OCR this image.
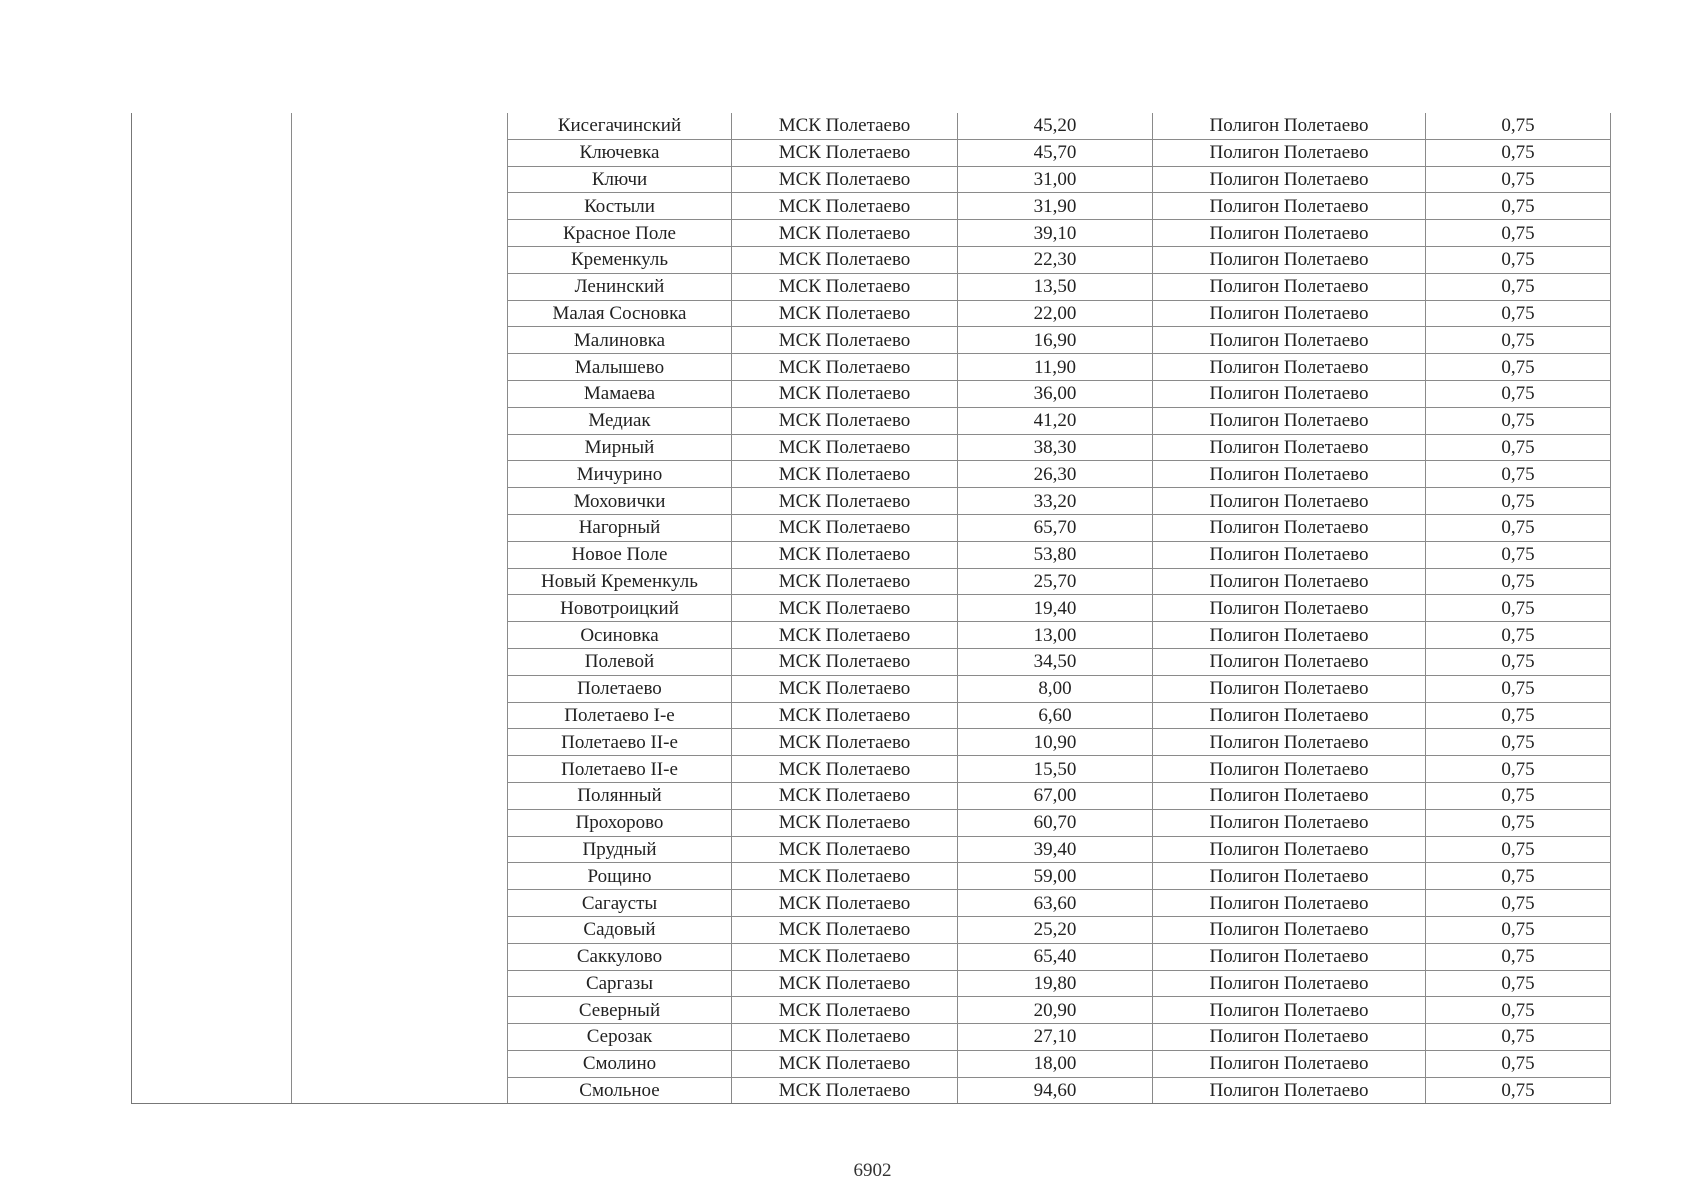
		Кисегачинский	МСК Полетаево	45,20	Полигон Полетаево	0,75
		Ключевка	МСК Полетаево	45,70	Полигон Полетаево	0,75
		Ключи	МСК Полетаево	31,00	Полигон Полетаево	0,75
		Костыли	МСК Полетаево	31,90	Полигон Полетаево	0,75
		Красное Поле	МСК Полетаево	39,10	Полигон Полетаево	0,75
		Кременкуль	МСК Полетаево	22,30	Полигон Полетаево	0,75
		Ленинский	МСК Полетаево	13,50	Полигон Полетаево	0,75
		Малая Сосновка	МСК Полетаево	22,00	Полигон Полетаево	0,75
		Малиновка	МСК Полетаево	16,90	Полигон Полетаево	0,75
		Малышево	МСК Полетаево	11,90	Полигон Полетаево	0,75
		Мамаева	МСК Полетаево	36,00	Полигон Полетаево	0,75
		Медиак	МСК Полетаево	41,20	Полигон Полетаево	0,75
		Мирный	МСК Полетаево	38,30	Полигон Полетаево	0,75
		Мичурино	МСК Полетаево	26,30	Полигон Полетаево	0,75
		Моховички	МСК Полетаево	33,20	Полигон Полетаево	0,75
		Нагорный	МСК Полетаево	65,70	Полигон Полетаево	0,75
		Новое Поле	МСК Полетаево	53,80	Полигон Полетаево	0,75
		Новый Кременкуль	МСК Полетаево	25,70	Полигон Полетаево	0,75
		Новотроицкий	МСК Полетаево	19,40	Полигон Полетаево	0,75
		Осиновка	МСК Полетаево	13,00	Полигон Полетаево	0,75
		Полевой	МСК Полетаево	34,50	Полигон Полетаево	0,75
		Полетаево	МСК Полетаево	8,00	Полигон Полетаево	0,75
		Полетаево I-е	МСК Полетаево	6,60	Полигон Полетаево	0,75
		Полетаево II-е	МСК Полетаево	10,90	Полигон Полетаево	0,75
		Полетаево II-е	МСК Полетаево	15,50	Полигон Полетаево	0,75
		Полянный	МСК Полетаево	67,00	Полигон Полетаево	0,75
		Прохорово	МСК Полетаево	60,70	Полигон Полетаево	0,75
		Прудный	МСК Полетаево	39,40	Полигон Полетаево	0,75
		Рощино	МСК Полетаево	59,00	Полигон Полетаево	0,75
		Сагаусты	МСК Полетаево	63,60	Полигон Полетаево	0,75
		Садовый	МСК Полетаево	25,20	Полигон Полетаево	0,75
		Саккулово	МСК Полетаево	65,40	Полигон Полетаево	0,75
		Саргазы	МСК Полетаево	19,80	Полигон Полетаево	0,75
		Северный	МСК Полетаево	20,90	Полигон Полетаево	0,75
		Серозак	МСК Полетаево	27,10	Полигон Полетаево	0,75
		Смолино	МСК Полетаево	18,00	Полигон Полетаево	0,75
		Смольное	МСК Полетаево	94,60	Полигон Полетаево	0,75
6902
